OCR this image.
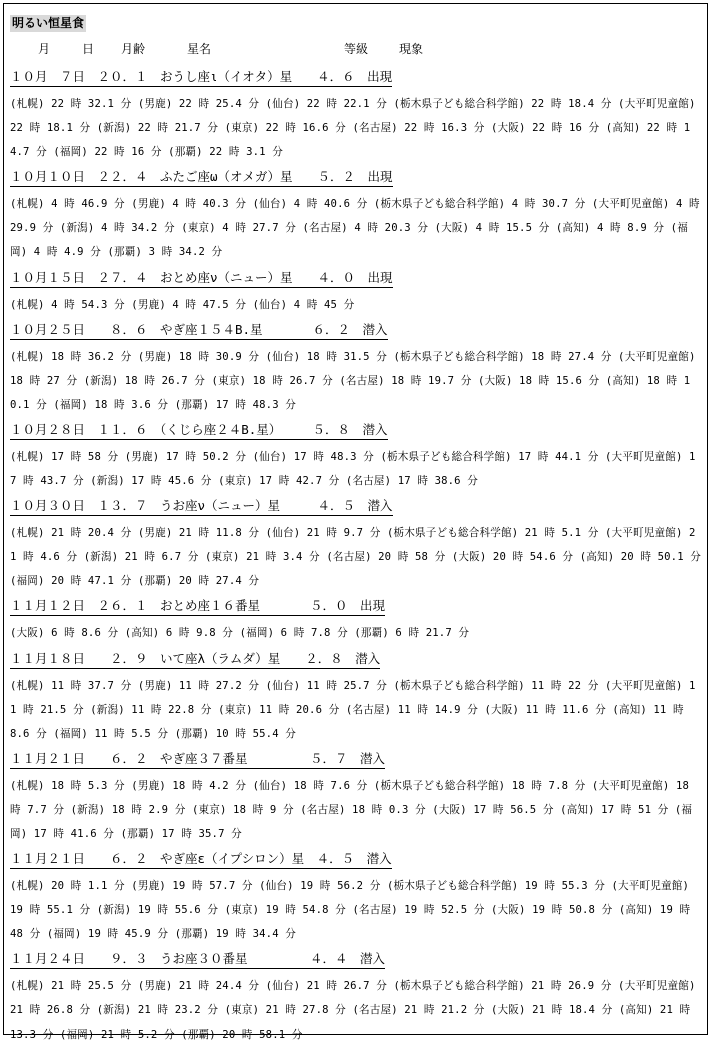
明るい恒星食
月	日 月齢	星名	等級	現象
１０月　７日　２０．１　おうし座ι（イオタ）星　　４．６　出現
(札幌) 22 時 32.1 分 (男鹿) 22 時 25.4 分 (仙台) 22 時 22.1 分 (栃木県子ども総合科学館) 22 時 18.4 分 (大平町児童館) 22 時 18.1 分 (新潟) 22 時 21.7 分 (東京) 22 時 16.6 分 (名古屋) 22 時 16.3 分 (大阪) 22 時 16 分 (高知) 22 時 14.7 分 (福岡) 22 時 16 分 (那覇) 22 時 3.1 分
１０月１０日　２２．４　ふたご座ω（オメガ）星　　５．２　出現
(札幌) 4 時 46.9 分 (男鹿) 4 時 40.3 分 (仙台) 4 時 40.6 分 (栃木県子ども総合科学館) 4 時 30.7 分 (大平町児童館) 4 時 29.9 分 (新潟) 4 時 34.2 分 (東京) 4 時 27.7 分 (名古屋) 4 時 20.3 分 (大阪) 4 時 15.5 分 (高知) 4 時 8.9 分 (福岡) 4 時 4.9 分 (那覇) 3 時 34.2 分
１０月１５日　２７．４　おとめ座ν（ニュー）星　　４．０　出現
(札幌) 4 時 54.3 分 (男鹿) 4 時 47.5 分 (仙台) 4 時 45 分
１０月２５日　　８．６　やぎ座１５４B.星　　　　６．２　潜入
(札幌) 18 時 36.2 分 (男鹿) 18 時 30.9 分 (仙台) 18 時 31.5 分 (栃木県子ども総合科学館) 18 時 27.4 分 (大平町児童館) 18 時 27 分 (新潟) 18 時 26.7 分 (東京) 18 時 26.7 分 (名古屋) 18 時 19.7 分 (大阪) 18 時 15.6 分 (高知) 18 時 10.1 分 (福岡) 18 時 3.6 分 (那覇) 17 時 48.3 分
１０月２８日　１１．６　（くじら座２４B.星）　　　５．８　潜入
(札幌) 17 時 58 分 (男鹿) 17 時 50.2 分 (仙台) 17 時 48.3 分 (栃木県子ども総合科学館) 17 時 44.1 分 (大平町児童館) 17 時 43.7 分 (新潟) 17 時 45.6 分 (東京) 17 時 42.7 分 (名古屋) 17 時 38.6 分
１０月３０日　１３．７　うお座ν（ニュー）星　　　４．５　潜入
(札幌) 21 時 20.4 分 (男鹿) 21 時 11.8 分 (仙台) 21 時 9.7 分 (栃木県子ども総合科学館) 21 時 5.1 分 (大平町児童館) 21 時 4.6 分 (新潟) 21 時 6.7 分 (東京) 21 時 3.4 分 (名古屋) 20 時 58 分 (大阪) 20 時 54.6 分 (高知) 20 時 50.1 分 (福岡) 20 時 47.1 分 (那覇) 20 時 27.4 分
１１月１２日　２６．１　おとめ座１６番星　　　　５．０　出現
(大阪) 6 時 8.6 分 (高知) 6 時 9.8 分 (福岡) 6 時 7.8 分 (那覇) 6 時 21.7 分
１１月１８日　　２．９　いて座λ（ラムダ）星　　２．８　潜入
(札幌) 11 時 37.7 分 (男鹿) 11 時 27.2 分 (仙台) 11 時 25.7 分 (栃木県子ども総合科学館) 11 時 22 分 (大平町児童館) 11 時 21.5 分 (新潟) 11 時 22.8 分 (東京) 11 時 20.6 分 (名古屋) 11 時 14.9 分 (大阪) 11 時 11.6 分 (高知) 11 時 8.6 分 (福岡) 11 時 5.5 分 (那覇) 10 時 55.4 分
１１月２１日　　６．２　やぎ座３７番星　　　　　５．７　潜入
(札幌) 18 時 5.3 分 (男鹿) 18 時 4.2 分 (仙台) 18 時 7.6 分 (栃木県子ども総合科学館) 18 時 7.8 分 (大平町児童館) 18 時 7.7 分 (新潟) 18 時 2.9 分 (東京) 18 時 9 分 (名古屋) 18 時 0.3 分 (大阪) 17 時 56.5 分 (高知) 17 時 51 分 (福岡) 17 時 41.6 分 (那覇) 17 時 35.7 分
１１月２１日　　６．２　やぎ座ε（イプシロン）星　４．５　潜入
(札幌) 20 時 1.1 分 (男鹿) 19 時 57.7 分 (仙台) 19 時 56.2 分 (栃木県子ども総合科学館) 19 時 55.3 分 (大平町児童館) 19 時 55.1 分 (新潟) 19 時 55.6 分 (東京) 19 時 54.8 分 (名古屋) 19 時 52.5 分 (大阪) 19 時 50.8 分 (高知) 19 時 48 分 (福岡) 19 時 45.9 分 (那覇) 19 時 34.4 分
１１月２４日　　９．３　うお座３０番星　　　　　４．４　潜入
(札幌) 21 時 25.5 分 (男鹿) 21 時 24.4 分 (仙台) 21 時 26.7 分 (栃木県子ども総合科学館) 21 時 26.9 分 (大平町児童館) 21 時 26.8 分 (新潟) 21 時 23.2 分 (東京) 21 時 27.8 分 (名古屋) 21 時 21.2 分 (大阪) 21 時 18.4 分 (高知) 21 時 13.3 分 (福岡) 21 時 5.2 分 (那覇) 20 時 58.1 分
